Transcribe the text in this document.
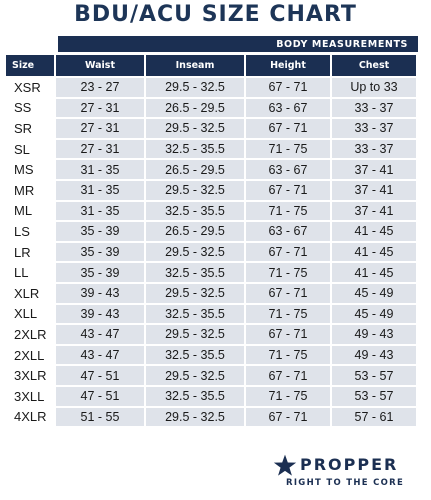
BDU/ACU SIZE CHART
BODY MEASUREMENTS
Size	Waist	Inseam	Height	Chest
XSR	23 - 27	29.5 - 32.5	67 - 71	Up to 33
SS	27 - 31	26.5 - 29.5	63 - 67	33 - 37
SR	27 - 31	29.5 - 32.5	67 - 71	33 - 37
SL	27 - 31	32.5 - 35.5	71 - 75	33 - 37
MS	31 - 35	26.5 - 29.5	63 - 67	37 - 41
MR	31 - 35	29.5 - 32.5	67 - 71	37 - 41
ML	31 - 35	32.5 - 35.5	71 - 75	37 - 41
LS	35 - 39	26.5 - 29.5	63 - 67	41 - 45
LR	35 - 39	29.5 - 32.5	67 - 71	41 - 45
LL	35 - 39	32.5 - 35.5	71 - 75	41 - 45
XLR	39 - 43	29.5 - 32.5	67 - 71	45 - 49
XLL	39 - 43	32.5 - 35.5	71 - 75	45 - 49
2XLR	43 - 47	29.5 - 32.5	67 - 71	49 - 43
2XLL	43 - 47	32.5 - 35.5	71 - 75	49 - 43
3XLR	47 - 51	29.5 - 32.5	67 - 71	53 - 57
3XLL	47 - 51	32.5 - 35.5	71 - 75	53 - 57
4XLR	51 - 55	29.5 - 32.5	67 - 71	57 - 61
PROPPER
RIGHT TO THE CORE
